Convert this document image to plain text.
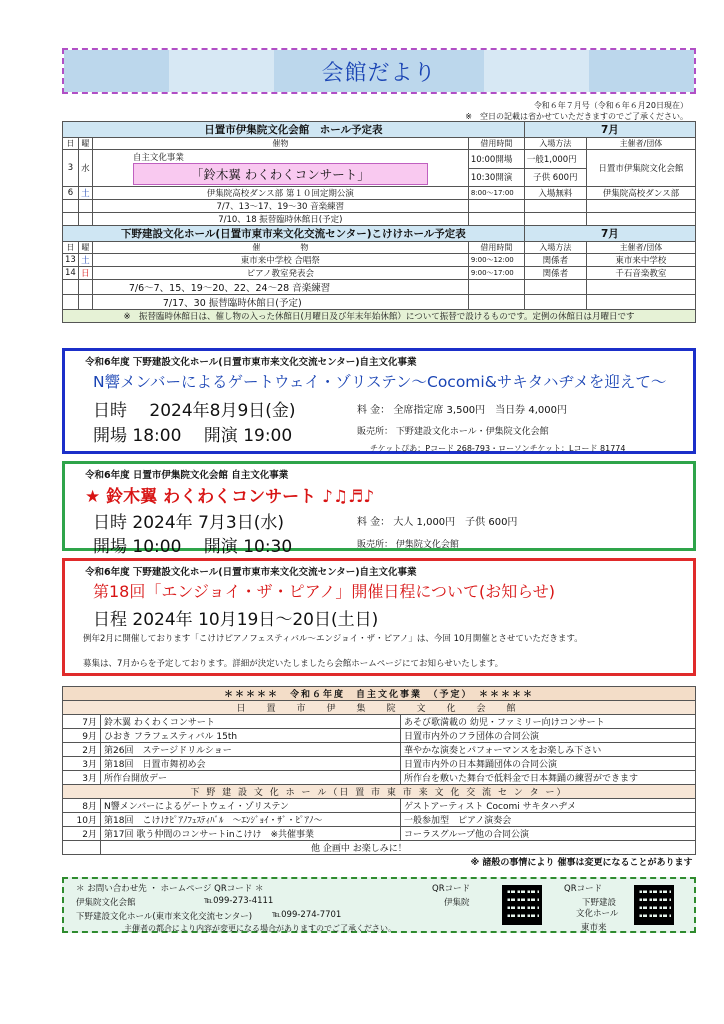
会館だより
令和６年７月号（令和６年６月20日現在）
※　空日の記載は省かせていただきますのでご了承ください。
日置市伊集院文化会館　ホール予定表				7月	
日	曜	催物	借用時間	入場方法	主催者/団体
3	水	自主文化事業
「鈴木翼 わくわくコンサート」	10:00開場	一般1,000円	日置市伊集院文化会館
			10:30開演	子供 600円	
6	土	伊集院高校ダンス部 第１０回定期公演	8:00～17:00	入場無料	伊集院高校ダンス部
		7/7、13～17、19～30 音楽練習			
		7/10、18 振替臨時休館日(予定)			
下野建設文化ホール(日置市東市来文化交流センター)こけけホール予定表				7月	
日	曜	催　　　　　物	借用時間	入場方法	主催者/団体
13	土	東市来中学校 合唱祭	9:00～12:00	関係者	東市来中学校
14	日	ピアノ教室発表会	9:00～17:00	関係者	千石音楽教室
		7/6～7、15、19～20、22、24～28 音楽練習			
		7/17、30 振替臨時休館日(予定)			
※　振替臨時休館日は、催し物の入った休館日(月曜日及び年末年始休館）について振替で設けるものです。定例の休館日は月曜日です					
令和6年度 下野建設文化ホール(日置市東市来文化交流センター)自主文化事業
N響メンバーによるゲートウェイ・ゾリステン～Cocomi&サキタハヂメを迎えて～
日時　 2024年8月9日(金)
開場 18:00　 開演 19:00
料 金： 全席指定席 3,500円　当日券 4,000円
販売所： 下野建設文化ホール・伊集院文化会館
チケットぴあ：Pコード 268-793・ローソンチケット：Lコード 81774
令和6年度 日置市伊集院文化会館 自主文化事業
★ 鈴木翼 わくわくコンサート ♪♫♬♪
日時 2024年 7月3日(水)
開場 10:00　 開演 10:30
料 金： 大人 1,000円　子供 600円
販売所： 伊集院文化会館
令和6年度 下野建設文化ホール(日置市東市来文化交流センター)自主文化事業
第18回「エンジョイ・ザ・ピアノ」開催日程について(お知らせ)
日程 2024年 10月19日～20日(土日)
例年2月に開催しております「こけけピアノフェスティバル～エンジョイ・ザ・ピアノ」は、今回 10月開催とさせていただきます。
募集は、7月からを予定しております。詳細が決定いたしましたら会館ホームページにてお知らせいたします。
＊＊＊＊＊　令和６年度　自主文化事業　（予定）　＊＊＊＊＊		
日　置　市　伊　集　院　文　化　会　館		
7月	鈴木翼 わくわくコンサート	あそび歌満載の 幼児・ファミリー向けコンサート
9月	ひおき フラフェスティバル 15th	日置市内外のフラ団体の合同公演
2月	第26回　ステージドリルショー	華やかな演奏とパフォーマンスをお楽しみ下さい
3月	第18回　日置市舞初め会	日置市内外の日本舞踊団体の合同公演
3月	所作台開放デー	所作台を敷いた舞台で低料金で日本舞踊の練習ができます
下 野 建 設 文 化 ホ ー ル（日 置 市 東 市 来 文 化 交 流 セ ン タ ー）		
8月	N響メンバーによるゲートウェイ・ゾリステン	ゲストアーティスト Cocomi サキタハヂメ
10月	第18回　こけけﾋﾟｱﾉﾌｪｽﾃｨﾊﾞﾙ　～ｴﾝｼﾞｮｲ・ｻﾞ・ﾋﾟｱﾉ～	一般参加型　ピアノ演奏会
2月	第17回 歌う仲間のコンサートinこけけ　※共催事業	コーラスグループ他の合同公演
	他 企画中 お楽しみに！	
※ 諸般の事情により 催事は変更になることがあります		
＊ お問い合わせ先 ・ ホームページ QRコード ＊
伊集院文化会館	℡099-273-4111
下野建設文化ホール(東市来文化交流センター) ℡099-274-7701
主催者の都合により内容が変更になる場合がありますのでご了承ください。
QRコード
伊集院
QRコード
下野建設
文化ホール
東市来
